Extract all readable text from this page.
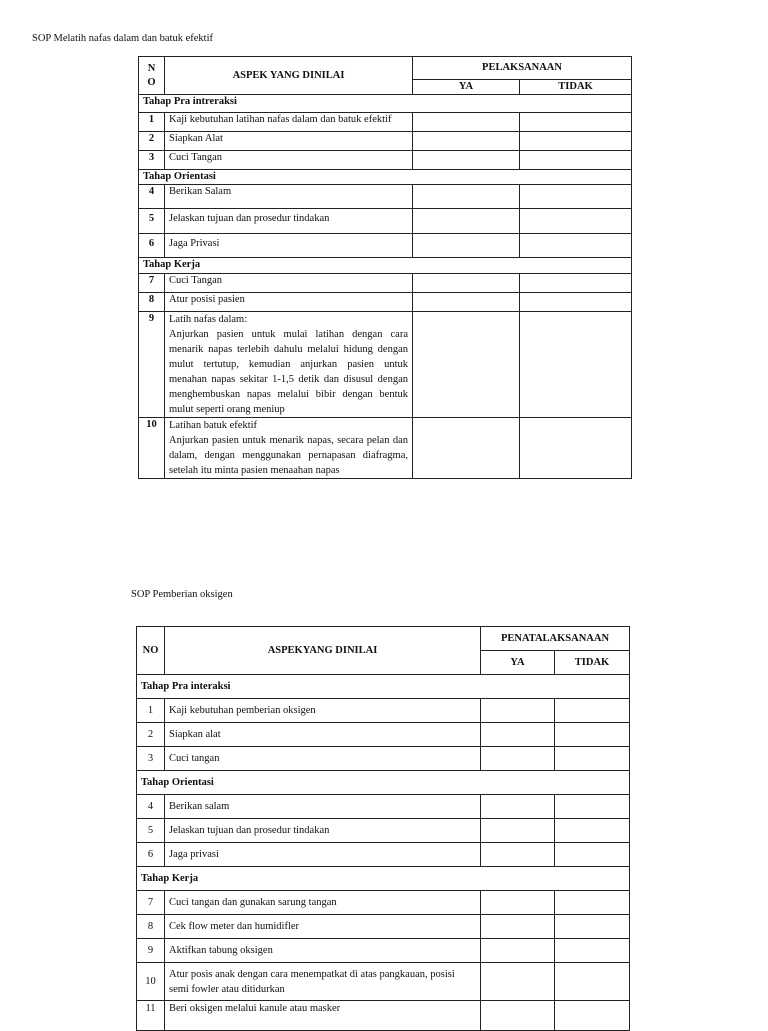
SOP Melatih nafas dalam dan batuk efektif
N O	ASPEK YANG DINILAI	PELAKSANAAN	
		YA	TIDAK
Tahap Pra intreraksi			
1	Kaji kebutuhan latihan nafas dalam dan batuk efektif		
2	Siapkan Alat		
3	Cuci Tangan		
Tahap Orientasi			
4	Berikan Salam		
5	Jelaskan tujuan dan prosedur tindakan		
6	Jaga Privasi		
Tahap Kerja			
7	Cuci Tangan		
8	Atur posisi pasien		
9	Latih nafas dalam:
Anjurkan pasien untuk mulai latihan dengan cara menarik napas terlebih dahulu melalui hidung dengan mulut tertutup, kemudian anjurkan pasien untuk menahan napas sekitar 1-1,5 detik dan disusul dengan menghembuskan napas melalui bibir dengan bentuk mulut seperti orang meniup		

10	Latihan batuk efektif
Anjurkan pasien untuk menarik napas, secara pelan dan dalam, dengan menggunakan pernapasan diafragma, setelah itu minta pasien menaahan napas		

SOP Pemberian oksigen
NO	ASPEKYANG DINILAI	PENATALAKSANAAN	
		YA	TIDAK
Tahap Pra interaksi			
1	Kaji kebutuhan pemberian oksigen		
2	Siapkan alat		
3	Cuci tangan		
Tahap Orientasi			
4	Berikan salam		
5	Jelaskan tujuan dan prosedur tindakan		
6	Jaga privasi		
Tahap Kerja			
7	Cuci tangan dan gunakan sarung tangan		
8	Cek flow meter dan humidifler		
9	Aktifkan tabung oksigen		
10	Atur posis anak dengan cara menempatkat di atas pangkauan, posisi semi fowler atau ditidurkan		
11	Beri oksigen melalui kanule atau masker		
